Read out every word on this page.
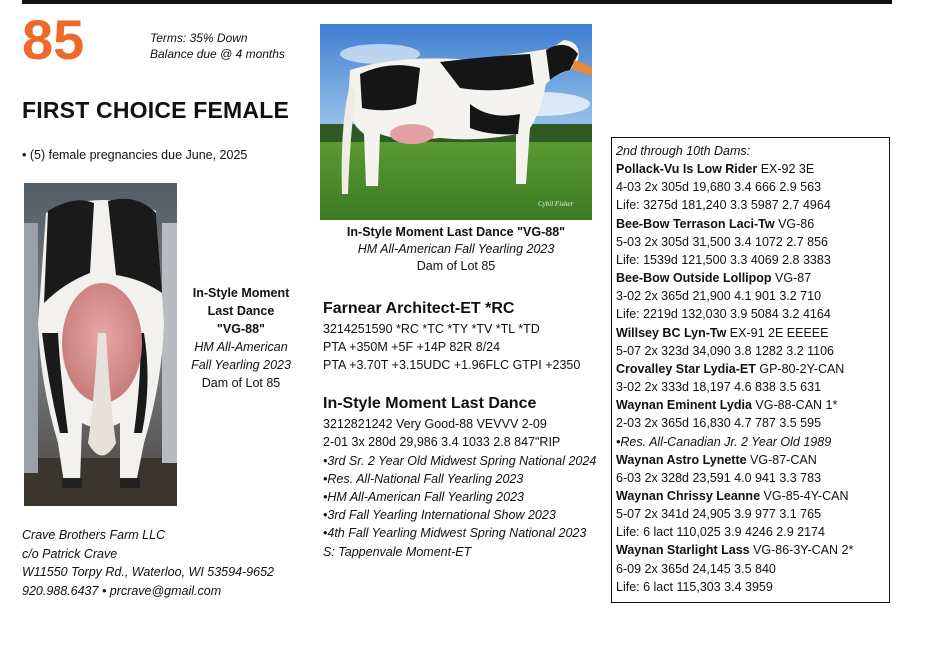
85	Terms: 35% Down
Balance due @ 4 months
FIRST CHOICE FEMALE
• (5) female pregnancies due June, 2025
In-Style Moment
Last Dance
"VG-88"
HM All-American
Fall Yearling 2023
Dam of Lot 85
Cybil Fisher
In-Style Moment Last Dance "VG-88"
HM All-American Fall Yearling 2023
Dam of Lot 85
Farnear Architect-ET *RC
3214251590 *RC *TC *TY *TV *TL *TD
PTA +350M +5F +14P 82R 8/24
PTA +3.70T +3.15UDC +1.96FLC GTPI +2350
In-Style Moment Last Dance
3212821242 Very Good-88 VEVVV 2-09
2-01 3x 280d 29,986 3.4 1033 2.8 847"RIP
•3rd Sr. 2 Year Old Midwest Spring National 2024
•Res. All-National Fall Yearling 2023
•HM All-American Fall Yearling 2023
•3rd Fall Yearling International Show 2023
•4th Fall Yearling Midwest Spring National 2023
S: Tappenvale Moment-ET
2nd through 10th Dams:
Pollack-Vu Is Low Rider EX-92 3E
4-03 2x 305d 19,680 3.4 666 2.9 563
Life: 3275d 181,240 3.3 5987 2.7 4964
Bee-Bow Terrason Laci-Tw VG-86
5-03 2x 305d 31,500 3.4 1072 2.7 856
Life: 1539d 121,500 3.3 4069 2.8 3383
Bee-Bow Outside Lollipop VG-87
3-02 2x 365d 21,900 4.1 901 3.2 710
Life: 2219d 132,030 3.9 5084 3.2 4164
Willsey BC Lyn-Tw EX-91 2E EEEEE
5-07 2x 323d 34,090 3.8 1282 3.2 1106
Crovalley Star Lydia-ET GP-80-2Y-CAN
3-02 2x 333d 18,197 4.6 838 3.5 631
Waynan Eminent Lydia VG-88-CAN 1*
2-03 2x 365d 16,830 4.7 787 3.5 595
•Res. All-Canadian Jr. 2 Year Old 1989
Waynan Astro Lynette VG-87-CAN
6-03 2x 328d 23,591 4.0 941 3.3 783
Waynan Chrissy Leanne VG-85-4Y-CAN
5-07 2x 341d 24,905 3.9 977 3.1 765
Life: 6 lact 110,025 3.9 4246 2.9 2174
Waynan Starlight Lass VG-86-3Y-CAN 2*
6-09 2x 365d 24,145 3.5 840
Life: 6 lact 115,303 3.4 3959
Crave Brothers Farm LLC
c/o Patrick Crave
W11550 Torpy Rd., Waterloo, WI 53594-9652
920.988.6437 • prcrave@gmail.com
